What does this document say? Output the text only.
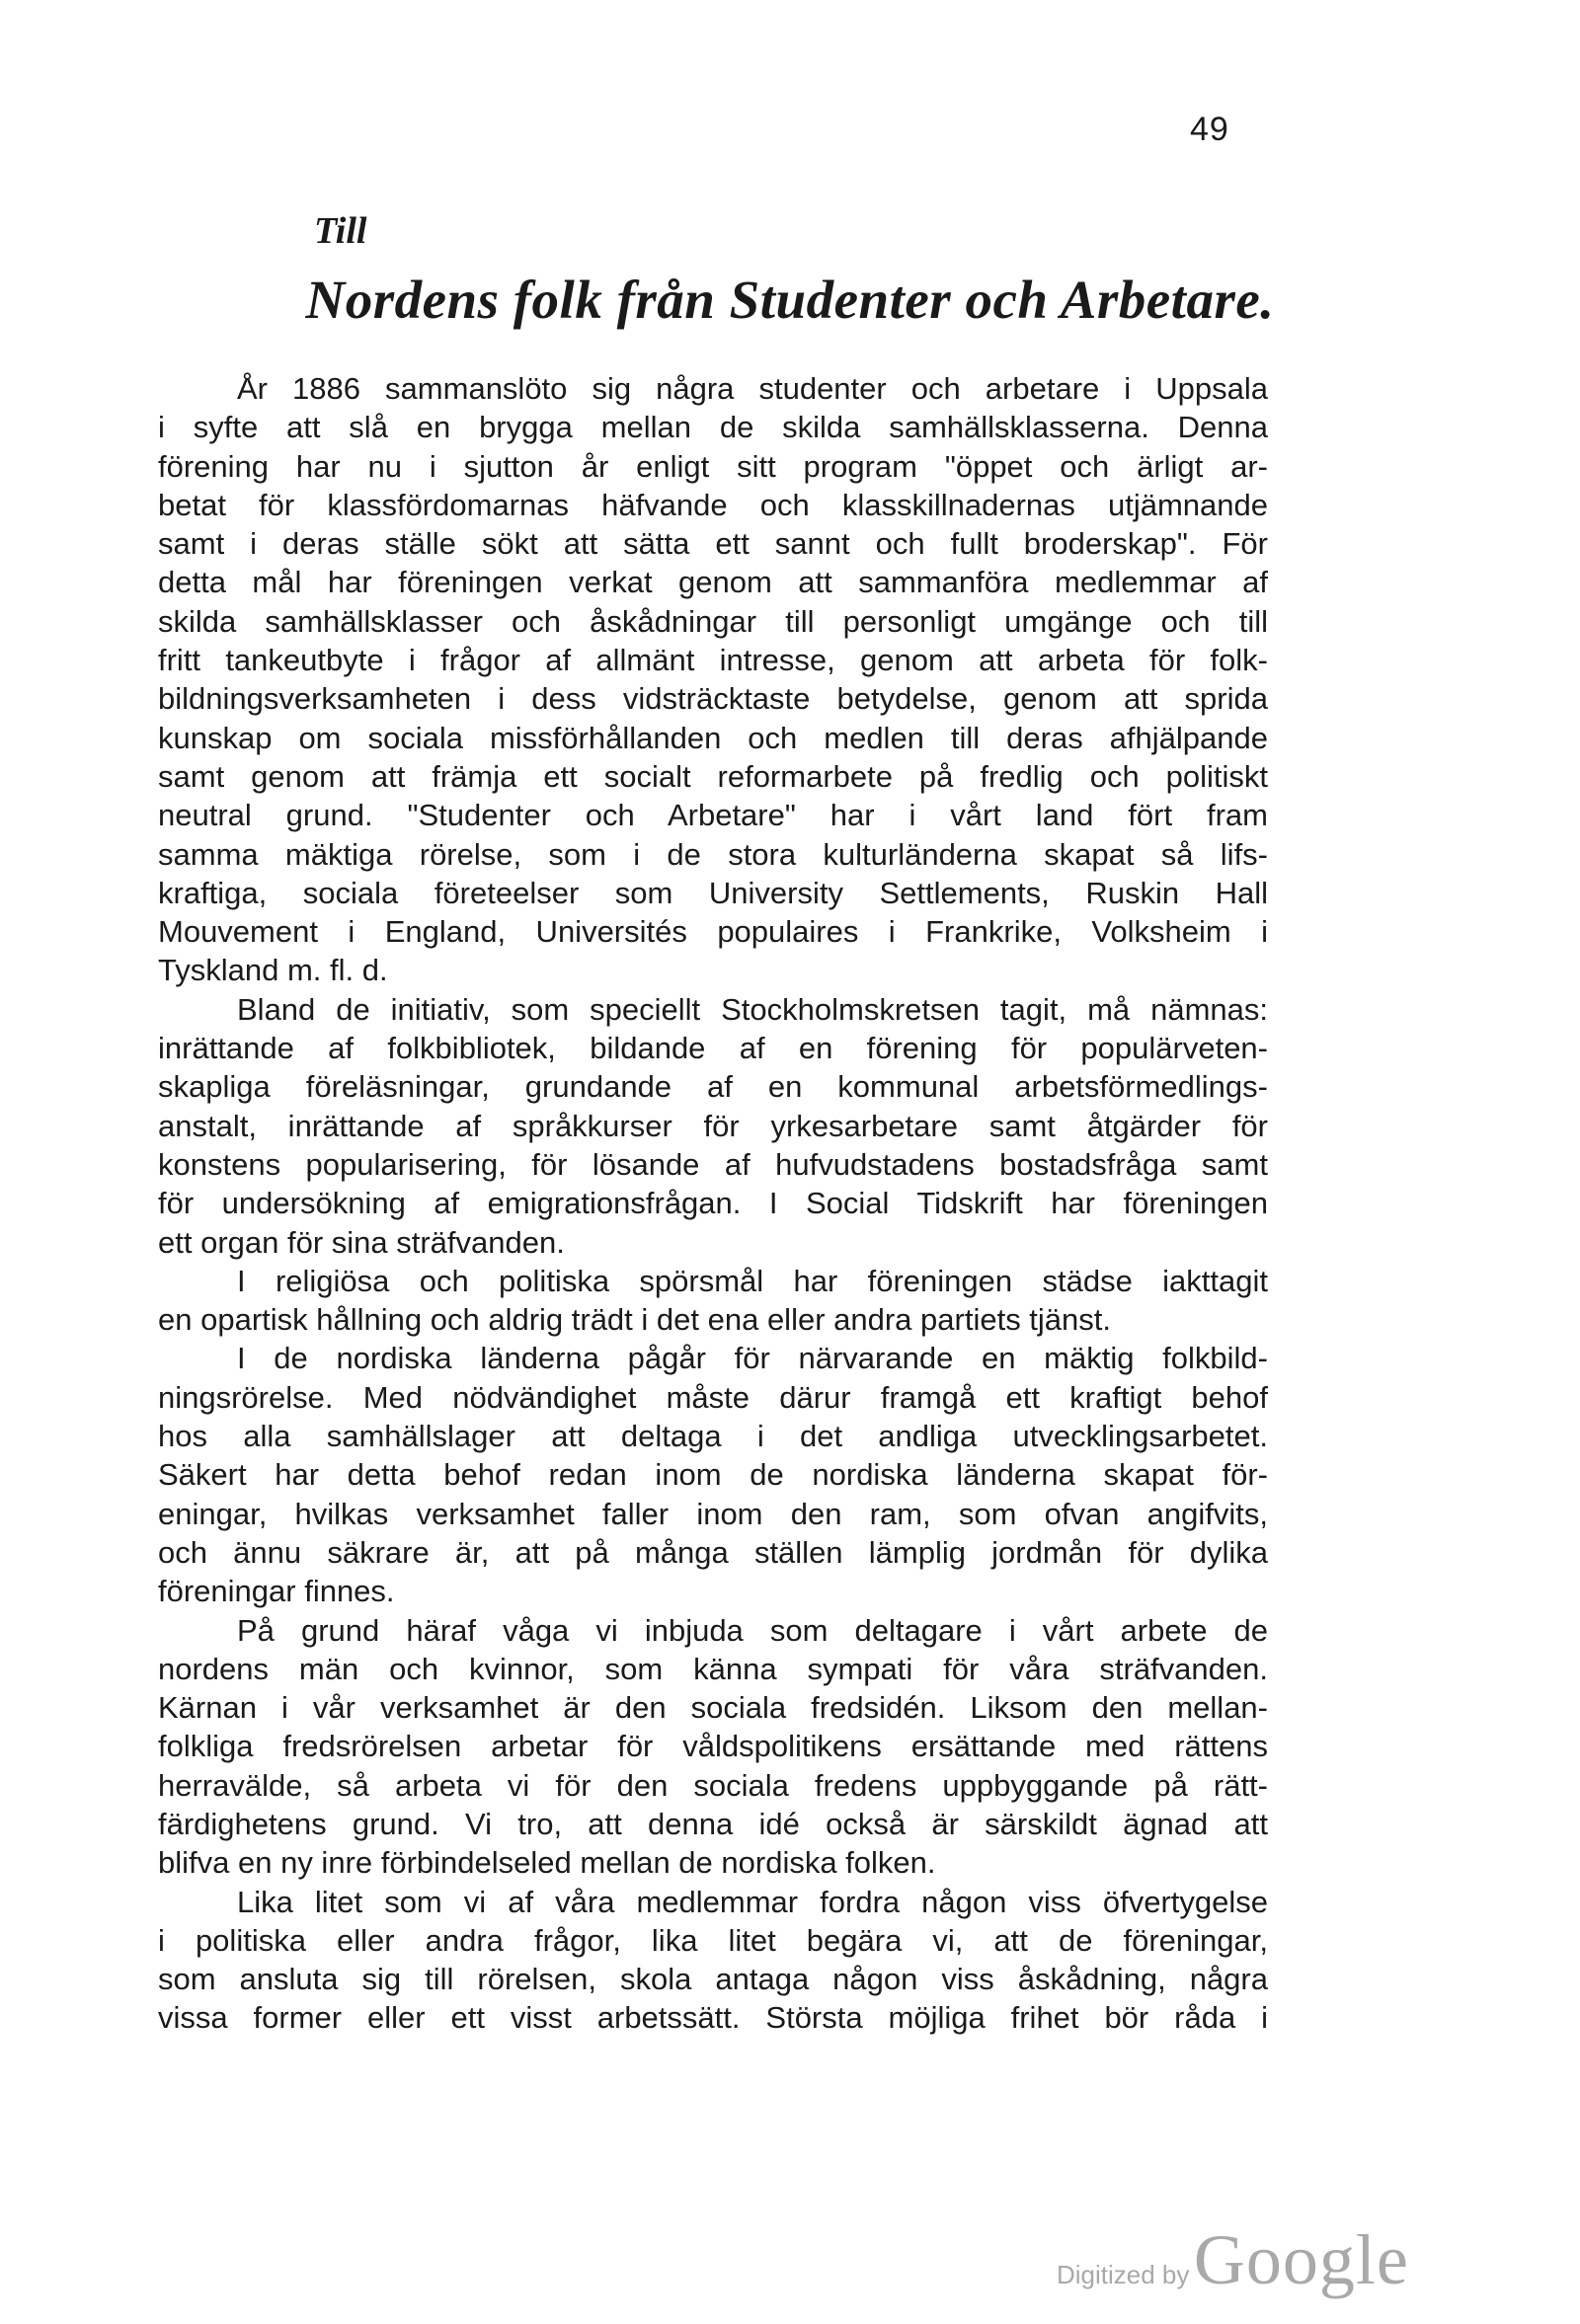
49
Till
Nordens folk från Studenter och Arbetare.
År 1886 sammanslöto sig några studenter och arbetare i Uppsala
i syfte att slå en brygga mellan de skilda samhällsklasserna. Denna
förening har nu i sjutton år enligt sitt program "öppet och ärligt ar-
betat för klassfördomarnas häfvande och klasskillnadernas utjämnande
samt i deras ställe sökt att sätta ett sannt och fullt broderskap". För
detta mål har föreningen verkat genom att sammanföra medlemmar af
skilda samhällsklasser och åskådningar till personligt umgänge och till
fritt tankeutbyte i frågor af allmänt intresse, genom att arbeta för folk-
bildningsverksamheten i dess vidsträcktaste betydelse, genom att sprida
kunskap om sociala missförhållanden och medlen till deras afhjälpande
samt genom att främja ett socialt reformarbete på fredlig och politiskt
neutral grund. "Studenter och Arbetare" har i vårt land fört fram
samma mäktiga rörelse, som i de stora kulturländerna skapat så lifs-
kraftiga, sociala företeelser som University Settlements, Ruskin Hall
Mouvement i England, Universités populaires i Frankrike, Volksheim i
Tyskland m. fl. d.
Bland de initiativ, som speciellt Stockholmskretsen tagit, må nämnas:
inrättande af folkbibliotek, bildande af en förening för populärveten-
skapliga föreläsningar, grundande af en kommunal arbetsförmedlings-
anstalt, inrättande af språkkurser för yrkesarbetare samt åtgärder för
konstens popularisering, för lösande af hufvudstadens bostadsfråga samt
för undersökning af emigrationsfrågan. I Social Tidskrift har föreningen
ett organ för sina sträfvanden.
I religiösa och politiska spörsmål har föreningen städse iakttagit
en opartisk hållning och aldrig trädt i det ena eller andra partiets tjänst.
I de nordiska länderna pågår för närvarande en mäktig folkbild-
ningsrörelse. Med nödvändighet måste därur framgå ett kraftigt behof
hos alla samhällslager att deltaga i det andliga utvecklingsarbetet.
Säkert har detta behof redan inom de nordiska länderna skapat för-
eningar, hvilkas verksamhet faller inom den ram, som ofvan angifvits,
och ännu säkrare är, att på många ställen lämplig jordmån för dylika
föreningar finnes.
På grund häraf våga vi inbjuda som deltagare i vårt arbete de
nordens män och kvinnor, som känna sympati för våra sträfvanden.
Kärnan i vår verksamhet är den sociala fredsidén. Liksom den mellan-
folkliga fredsrörelsen arbetar för våldspolitikens ersättande med rättens
herravälde, så arbeta vi för den sociala fredens uppbyggande på rätt-
färdighetens grund. Vi tro, att denna idé också är särskildt ägnad att
blifva en ny inre förbindelseled mellan de nordiska folken.
Lika litet som vi af våra medlemmar fordra någon viss öfvertygelse
i politiska eller andra frågor, lika litet begära vi, att de föreningar,
som ansluta sig till rörelsen, skola antaga någon viss åskådning, några
vissa former eller ett visst arbetssätt. Största möjliga frihet bör råda i
Digitized by Google
